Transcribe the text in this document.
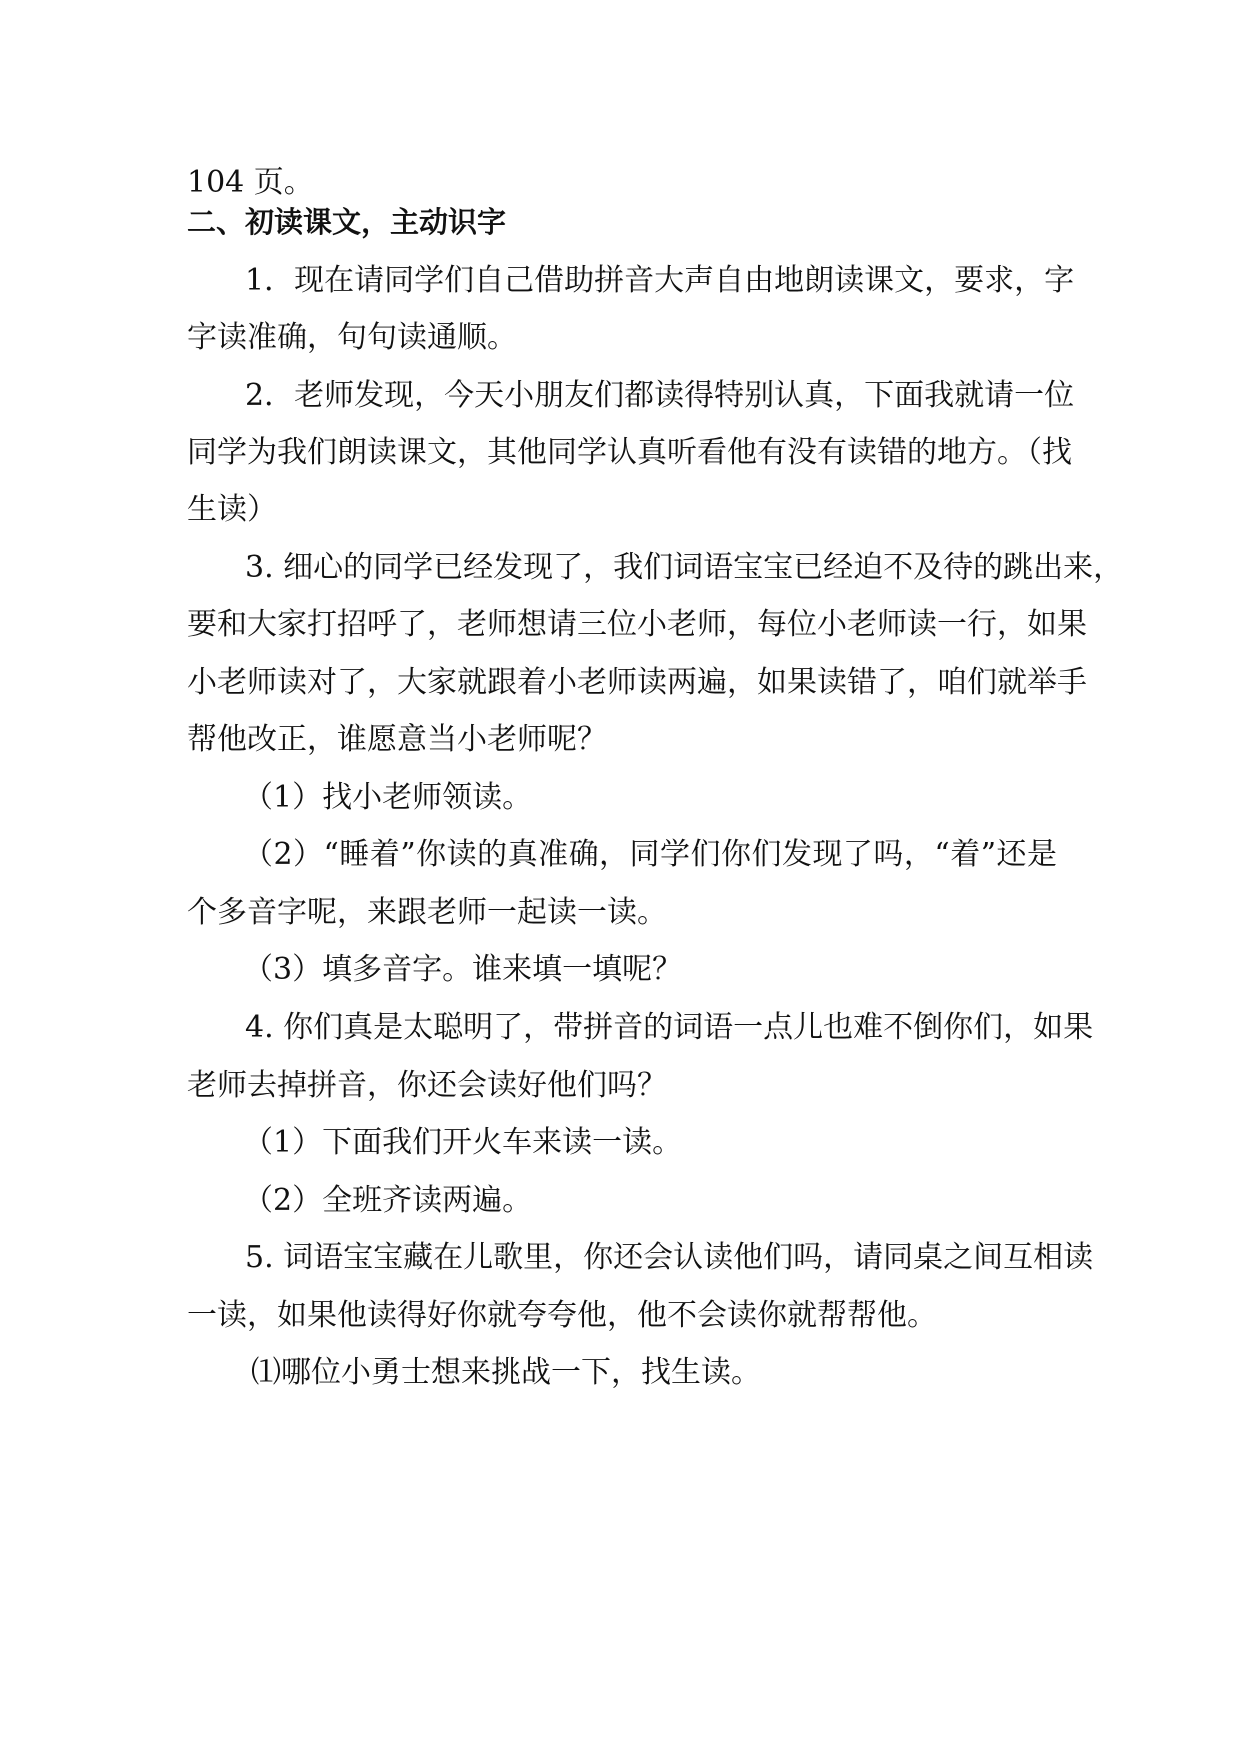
104 页。
二、初读课文，主动识字
1．现在请同学们自己借助拼音大声自由地朗读课文，要求，字
字读准确，句句读通顺。
2．老师发现，今天小朋友们都读得特别认真，下面我就请一位
同学为我们朗读课文，其他同学认真听看他有没有读错的地方。（找
生读）
3. 细心的同学已经发现了，我们词语宝宝已经迫不及待的跳出来，
要和大家打招呼了，老师想请三位小老师，每位小老师读一行，如果
小老师读对了，大家就跟着小老师读两遍，如果读错了，咱们就举手
帮他改正，谁愿意当小老师呢？
（1）找小老师领读。
（2）“睡着”你读的真准确，同学们你们发现了吗，“着”还是
个多音字呢，来跟老师一起读一读。
（3）填多音字。谁来填一填呢？
4. 你们真是太聪明了，带拼音的词语一点儿也难不倒你们，如果
老师去掉拼音，你还会读好他们吗？
（1）下面我们开火车来读一读。
（2）全班齐读两遍。
5. 词语宝宝藏在儿歌里，你还会认读他们吗，请同桌之间互相读
一读，如果他读得好你就夸夸他，他不会读你就帮帮他。
⑴哪位小勇士想来挑战一下，找生读。
